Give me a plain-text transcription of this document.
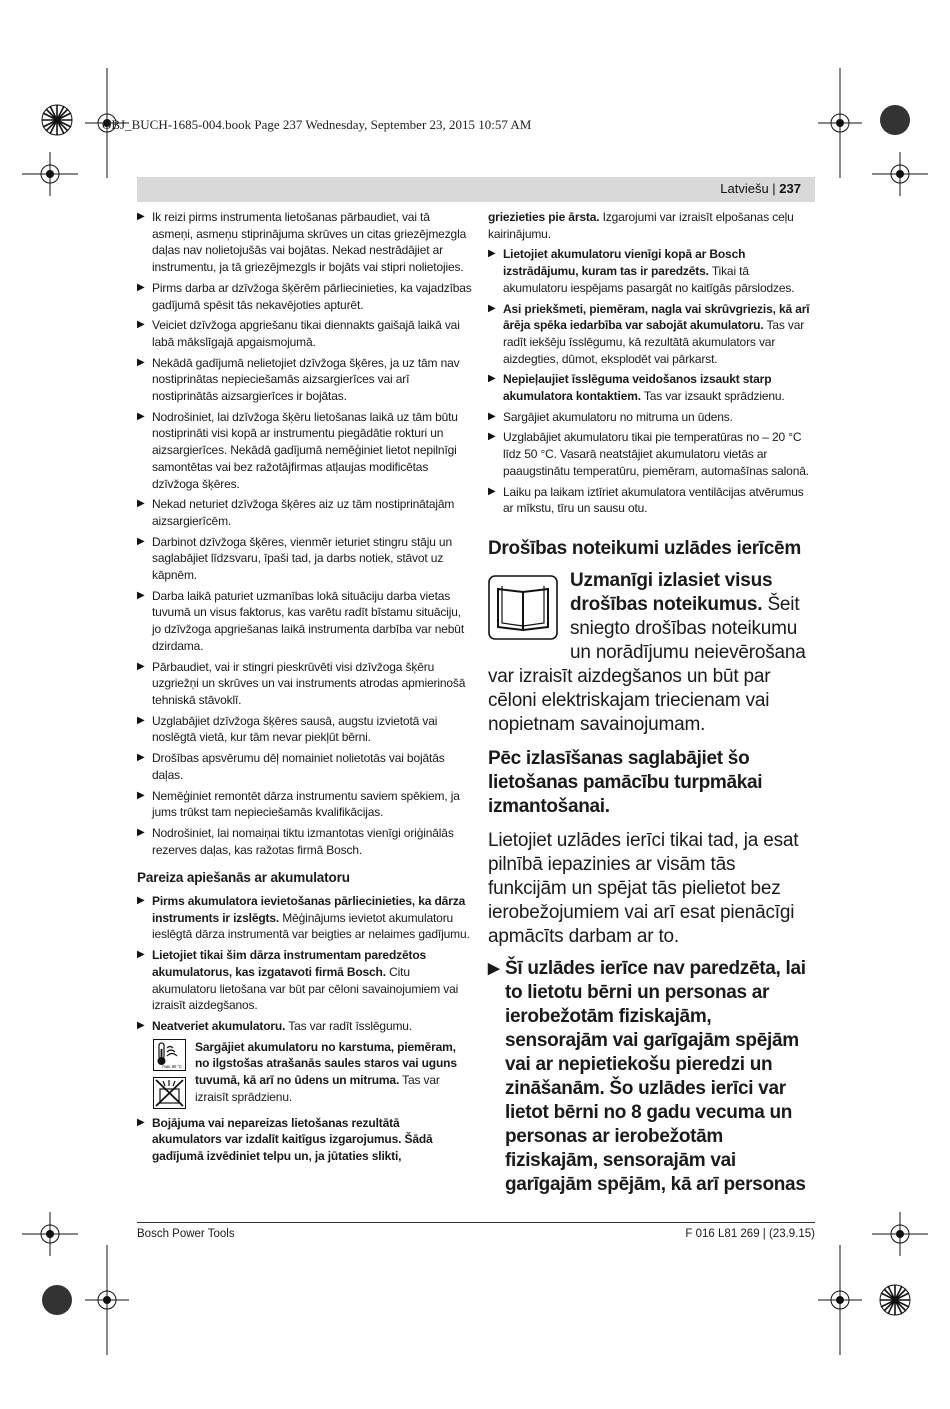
OBJ_BUCH-1685-004.book Page 237 Wednesday, September 23, 2015 10:57 AM
Latviešu | 237
▶ Ik reizi pirms instrumenta lietošanas pārbaudiet, vai tā asmeņi, asmeņu stiprinājuma skrūves un citas griezējmezgla daļas nav nolietojušās vai bojātas. Nekad nestrādājiet ar instrumentu, ja tā griezējmezgls ir bojāts vai stipri nolietojies.
▶ Pirms darba ar dzīvžoga šķērēm pārliecinieties, ka vajadzības gadījumā spēsit tās nekavējoties apturēt.
▶ Veiciet dzīvžoga apgriešanu tikai diennakts gaišajā laikā vai labā mākslīgajā apgaismojumā.
▶ Nekādā gadījumā nelietojiet dzīvžoga šķēres, ja uz tām nav nostiprinātas nepieciešamās aizsargierīces vai arī nostiprinātās aizsargierīces ir bojātas.
▶ Nodrošiniet, lai dzīvžoga šķēru lietošanas laikā uz tām būtu nostiprināti visi kopā ar instrumentu piegādātie rokturi un aizsargierīces. Nekādā gadījumā nemēģiniet lietot nepilnīgi samontētas vai bez ražotājfirmas atļaujas modificētas dzīvžoga šķēres.
▶ Nekad neturiet dzīvžoga šķēres aiz uz tām nostiprinātajām aizsargierīcēm.
▶ Darbinot dzīvžoga šķēres, vienmēr ieturiet stingru stāju un saglabājiet līdzsvaru, īpaši tad, ja darbs notiek, stāvot uz kāpnēm.
▶ Darba laikā paturiet uzmanības lokā situāciju darba vietas tuvumā un visus faktorus, kas varētu radīt bīstamu situāciju, jo dzīvžoga apgriešanas laikā instrumenta darbība var nebūt dzirdama.
▶ Pārbaudiet, vai ir stingri pieskrūvēti visi dzīvžoga šķēru uzgriežņi un skrūves un vai instruments atrodas apmierinošā tehniskā stāvoklī.
▶ Uzglabājiet dzīvžoga šķēres sausā, augstu izvietotā vai noslēgtā vietā, kur tām nevar piekļūt bērni.
▶ Drošības apsvērumu dēļ nomainiet nolietotās vai bojātās daļas.
▶ Nemēģiniet remontēt dārza instrumentu saviem spēkiem, ja jums trūkst tam nepieciešamās kvalifikācijas.
▶ Nodrošiniet, lai nomaiņai tiktu izmantotas vienīgi oriģinālās rezerves daļas, kas ražotas firmā Bosch.
Pareiza apiešanās ar akumulatoru
▶ Pirms akumulatora ievietošanas pārliecinieties, ka dārza instruments ir izslēgts. Mēģinājums ievietot akumulatoru ieslēgtā dārza instrumentā var beigties ar nelaimes gadījumu.
▶ Lietojiet tikai šim dārza instrumentam paredzētos akumulatorus, kas izgatavoti firmā Bosch. Citu akumulatoru lietošana var būt par cēloni savainojumiem vai izraisīt aizdegšanos.
▶ Neatveriet akumulatoru. Tas var radīt īsslēgumu.
max. 50 °C
Sargājiet akumulatoru no karstuma, piemēram, no ilgstošas atrašanās saules staros vai uguns tuvumā, kā arī no ūdens un mitruma. Tas var izraisīt sprādzienu.
▶ Bojājuma vai nepareizas lietošanas rezultātā akumulators var izdalīt kaitīgus izgarojumus. Šādā gadījumā izvēdiniet telpu un, ja jūtaties slikti,
griezieties pie ārsta. Izgarojumi var izraisīt elpošanas ceļu kairinājumu.
▶ Lietojiet akumulatoru vienīgi kopā ar Bosch izstrādājumu, kuram tas ir paredzēts. Tikai tā akumulatoru iespējams pasargāt no kaitīgās pārslodzes.
▶ Asi priekšmeti, piemēram, nagla vai skrūvgriezis, kā arī ārēja spēka iedarbība var sabojāt akumulatoru. Tas var radīt iekšēju īsslēgumu, kā rezultātā akumulators var aizdegties, dūmot, eksplodēt vai pārkarst.
▶ Nepieļaujiet īsslēguma veidošanos izsaukt starp akumulatora kontaktiem. Tas var izsaukt sprādzienu.
▶ Sargājiet akumulatoru no mitruma un ūdens.
▶ Uzglabājiet akumulatoru tikai pie temperatūras no – 20 °C līdz 50 °C. Vasarā neatstājiet akumulatoru vietās ar paaugstinātu temperatūru, piemēram, automašīnas salonā.
▶ Laiku pa laikam iztīriet akumulatora ventilācijas atvērumus ar mīkstu, tīru un sausu otu.
Drošības noteikumi uzlādes ierīcēm
Uzmanīgi izlasiet visus
drošības noteikumus. Šeit
sniegto drošības noteikumu
un norādījumu neievērošana
var izraisīt aizdegšanos un būt par cēloni elektriskajam triecienam vai nopietnam savainojumam.
Pēc izlasīšanas saglabājiet šo lietošanas pamācību turpmākai izmantošanai.
Lietojiet uzlādes ierīci tikai tad, ja esat pilnībā iepazinies ar visām tās funkcijām un spējat tās pielietot bez ierobežojumiem vai arī esat pienācīgi apmācīts darbam ar to.
▶ Šī uzlādes ierīce nav paredzēta, lai to lietotu bērni un personas ar ierobežotām fiziskajām, sensorajām vai garīgajām spējām vai ar nepietiekošu pieredzi un zināšanām. Šo uzlādes ierīci var lietot bērni no 8 gadu vecuma un personas ar ierobežotām fiziskajām, sensorajām vai garīgajām spējām, kā arī personas
Bosch Power Tools	F 016 L81 269 | (23.9.15)
